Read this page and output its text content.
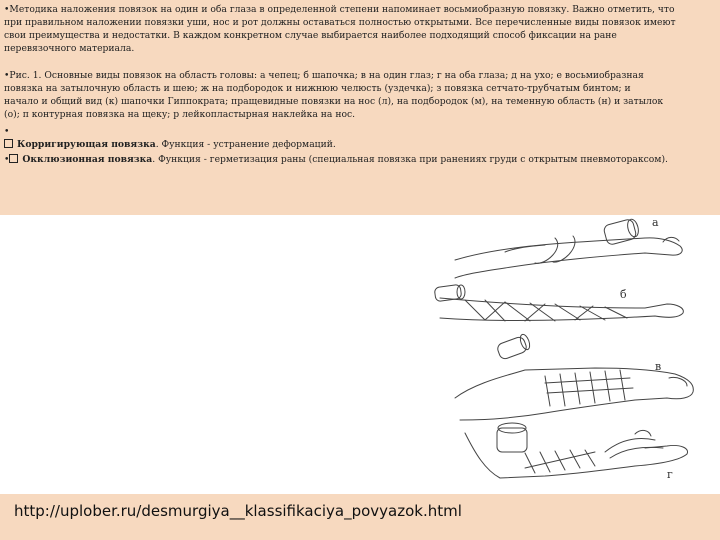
•Методика наложения повязок на один и оба глаза в определенной степени напоминает восьмиобразную повязку. Важно отметить, что
при правильном наложении повязки уши, нос и рот должны оставаться полностью открытыми. Все перечисленные виды повязок имеют
свои преимущества и недостатки. В каждом конкретном случае выбирается наиболее подходящий способ фиксации на ране
перевязочного материала.
•Рис. 1. Основные виды повязок на область головы: а чепец; б шапочка; в на один глаз; г на оба глаза; д на ухо; е восьмиобразная
повязка на затылочную область и шею; ж на подбородок и нижнюю челюсть (уздечка); з повязка сетчато-трубчатым бинтом; и
начало и общий вид (к) шапочки Гиппократа; пращевидные повязки на нос (л), на подбородок (м), на теменную область (н) и затылок
(о); п контурная повязка на щеку; р лейкопластырная наклейка на нос.
•
Корригирующая повязка. Функция - устранение деформаций.
• Окклюзионная повязка. Функция - герметизация раны (специальная повязка при ранениях груди с открытым пневмотораксом).
а
б
в
г
http://uplober.ru/desmurgiya__klassifikaciya_povyazok.html
